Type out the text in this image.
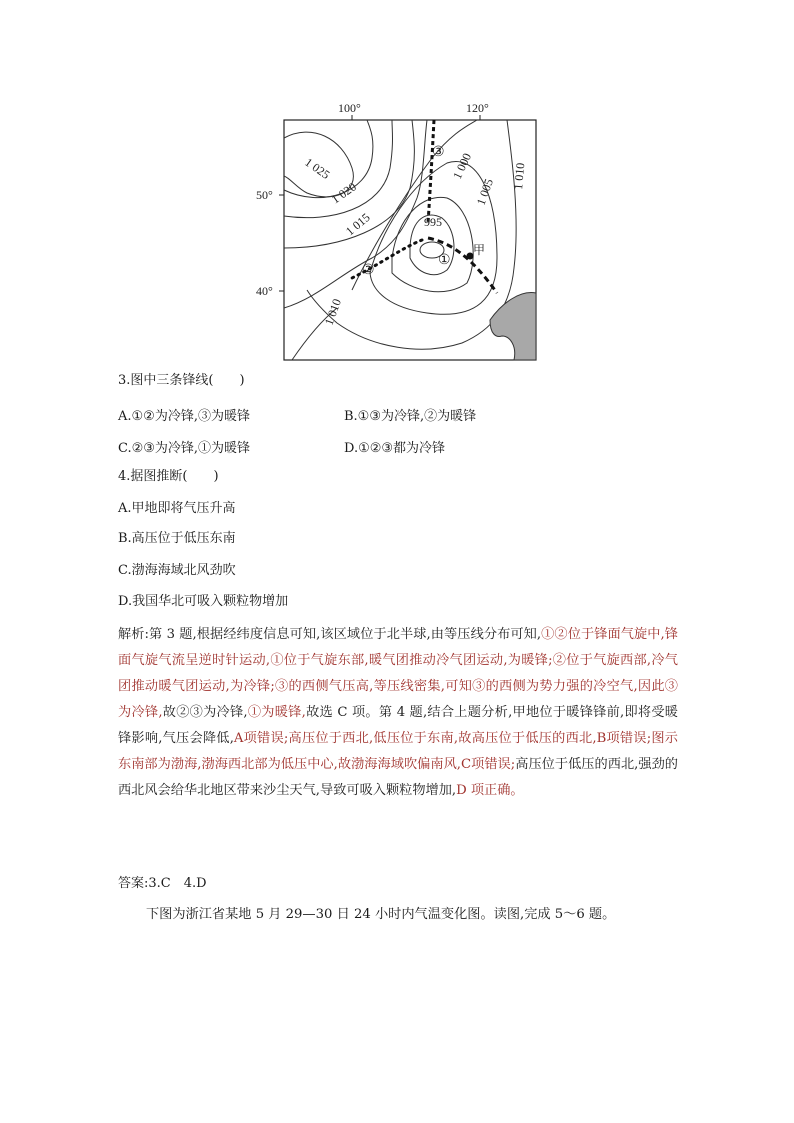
100°	120°
50°
40°
1 025
1 020
1 015
1 010
995
1 000
1 005
1 010
③
①
②
甲
3.图中三条锋线(　　)
A.①②为冷锋,③为暖锋	B.①③为冷锋,②为暖锋
C.②③为冷锋,①为暖锋	D.①②③都为冷锋
4.据图推断(　　)
A.甲地即将气压升高
B.高压位于低压东南
C.渤海海域北风劲吹
D.我国华北可吸入颗粒物增加
解析:第 3 题,根据经纬度信息可知,该区域位于北半球,由等压线分布可知,①②位于锋面气旋中,锋面气旋气流呈逆时针运动,①位于气旋东部,暖气团推动冷气团运动,为暖锋;②位于气旋西部,冷气团推动暖气团运动,为冷锋;③的西侧气压高,等压线密集,可知③的西侧为势力强的冷空气,因此③为冷锋,故②③为冷锋,①为暖锋,故选 C 项。第 4 题,结合上题分析,甲地位于暖锋锋前,即将受暖锋影响,气压会降低,A项错误;高压位于西北,低压位于东南,故高压位于低压的西北,B项错误;图示东南部为渤海,渤海西北部为低压中心,故渤海海域吹偏南风,C项错误;高压位于低压的西北,强劲的西北风会给华北地区带来沙尘天气,导致可吸入颗粒物增加,D 项正确。
答案:3.C　4.D
下图为浙江省某地 5 月 29—30 日 24 小时内气温变化图。读图,完成 5～6 题。
